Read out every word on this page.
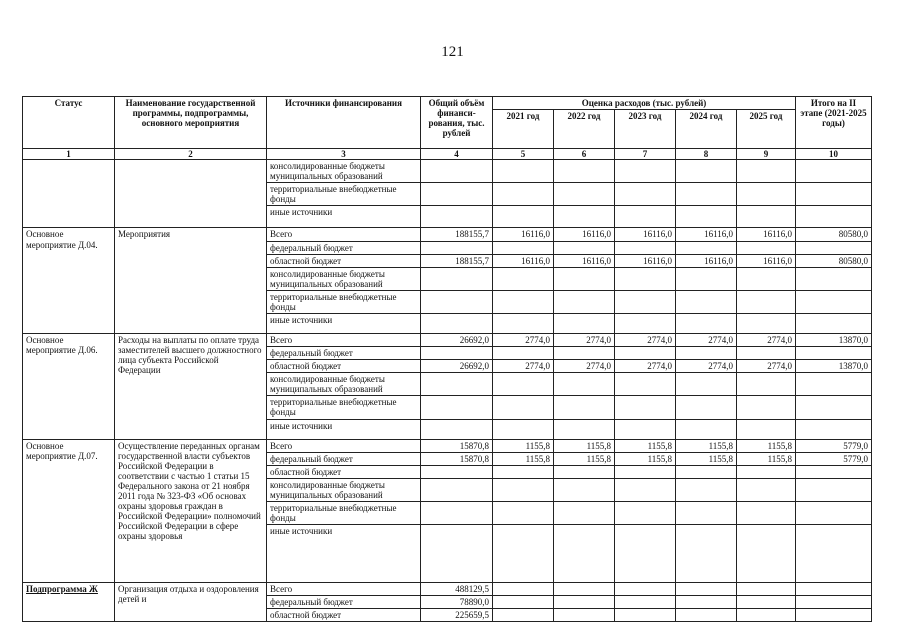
121
Статус	Наименование государственной программы, подпрограммы, основного мероприятия	Источники финансирования	Общий объём финанси-рования, тыс. рублей	Оценка расходов (тыс. рублей)					Итого на II этапе (2021-2025 годы)
				2021 год	2022 год	2023 год	2024 год	2025 год	
1	2	3	4	5	6	7	8	9	10
		консолидированные бюджеты муниципальных образований							
		территориальные внебюджетные фонды							
		иные источники							
Основное мероприятие Д.04.	Мероприятия	Всего	188155,7	16116,0	16116,0	16116,0	16116,0	16116,0	80580,0
		федеральный бюджет							
		областной бюджет	188155,7	16116,0	16116,0	16116,0	16116,0	16116,0	80580,0
		консолидированные бюджеты муниципальных образований							
		территориальные внебюджетные фонды							
		иные источники							
Основное мероприятие Д.06.	Расходы на выплаты по оплате труда заместителей высшего должностного лица субъекта Российской Федерации	Всего	26692,0	2774,0	2774,0	2774,0	2774,0	2774,0	13870,0
		федеральный бюджет							
		областной бюджет	26692,0	2774,0	2774,0	2774,0	2774,0	2774,0	13870,0
		консолидированные бюджеты муниципальных образований							
		территориальные внебюджетные фонды							
		иные источники							
Основное мероприятие Д.07.	Осуществление переданных органам государственной власти субъектов Российской Федерации в соответствии с частью 1 статьи 15 Федерального закона от 21 ноября 2011 года № 323-ФЗ «Об основах охраны здоровья граждан в Российской Федерации» полномочий Российской Федерации в сфере охраны здоровья	Всего	15870,8	1155,8	1155,8	1155,8	1155,8	1155,8	5779,0
		федеральный бюджет	15870,8	1155,8	1155,8	1155,8	1155,8	1155,8	5779,0
		областной бюджет							
		консолидированные бюджеты муниципальных образований							
		территориальные внебюджетные фонды							
		иные источники							
Подпрограмма Ж	Организация отдыха и оздоровления детей и	Всего	488129,5						
		федеральный бюджет	78890,0						
		областной бюджет	225659,5						
